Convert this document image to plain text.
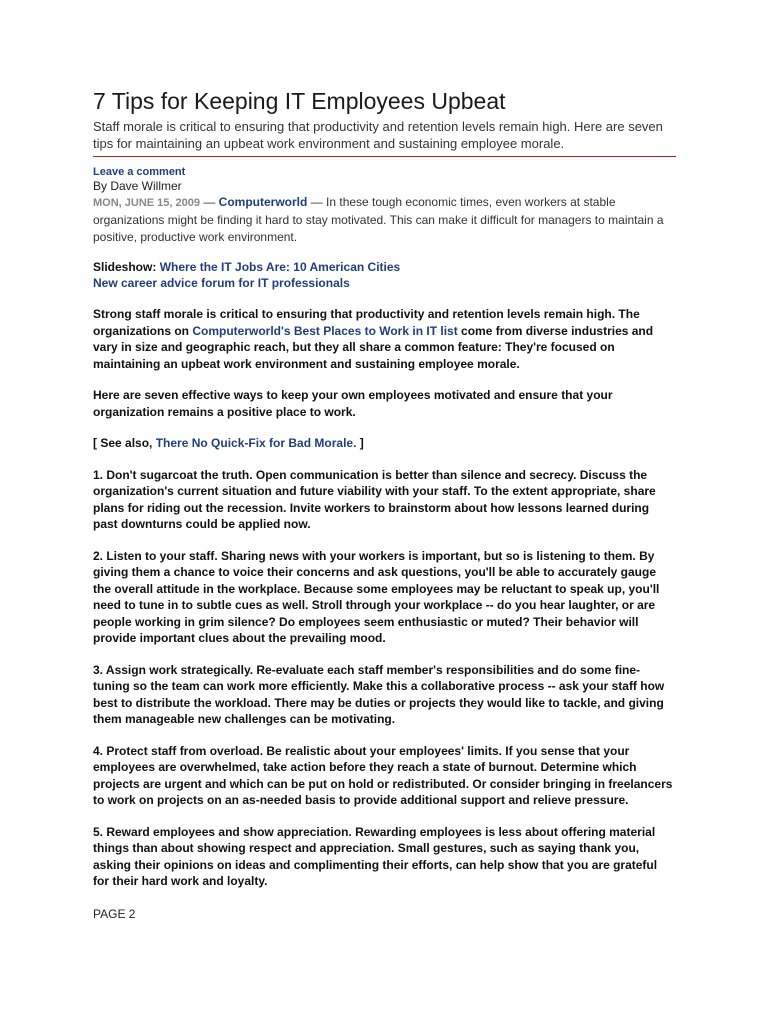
7 Tips for Keeping IT Employees Upbeat

Staff morale is critical to ensuring that productivity and retention levels remain high. Here are seven tips for maintaining an upbeat work environment and sustaining employee morale.

Leave a comment
By Dave Willmer
MON, JUNE 15, 2009 — Computerworld — In these tough economic times, even workers at stable organizations might be finding it hard to stay motivated. This can make it difficult for managers to maintain a positive, productive work environment.
Slideshow: Where the IT Jobs Are: 10 American Cities
New career advice forum for IT professionals

Strong staff morale is critical to ensuring that productivity and retention levels remain high. The organizations on Computerworld's Best Places to Work in IT list come from diverse industries and vary in size and geographic reach, but they all share a common feature: They're focused on maintaining an upbeat work environment and sustaining employee morale.

Here are seven effective ways to keep your own employees motivated and ensure that your organization remains a positive place to work.

[ See also, There No Quick-Fix for Bad Morale. ]

1. Don't sugarcoat the truth. Open communication is better than silence and secrecy. Discuss the organization's current situation and future viability with your staff. To the extent appropriate, share plans for riding out the recession. Invite workers to brainstorm about how lessons learned during past downturns could be applied now.

2. Listen to your staff. Sharing news with your workers is important, but so is listening to them. By giving them a chance to voice their concerns and ask questions, you'll be able to accurately gauge the overall attitude in the workplace. Because some employees may be reluctant to speak up, you'll need to tune in to subtle cues as well. Stroll through your workplace -- do you hear laughter, or are people working in grim silence? Do employees seem enthusiastic or muted? Their behavior will provide important clues about the prevailing mood.

3. Assign work strategically. Re-evaluate each staff member's responsibilities and do some fine-tuning so the team can work more efficiently. Make this a collaborative process -- ask your staff how best to distribute the workload. There may be duties or projects they would like to tackle, and giving them manageable new challenges can be motivating.

4. Protect staff from overload. Be realistic about your employees' limits. If you sense that your employees are overwhelmed, take action before they reach a state of burnout. Determine which projects are urgent and which can be put on hold or redistributed. Or consider bringing in freelancers to work on projects on an as-needed basis to provide additional support and relieve pressure.

5. Reward employees and show appreciation. Rewarding employees is less about offering material things than about showing respect and appreciation. Small gestures, such as saying thank you, asking their opinions on ideas and complimenting their efforts, can help show that you are grateful for their hard work and loyalty.

PAGE 2
